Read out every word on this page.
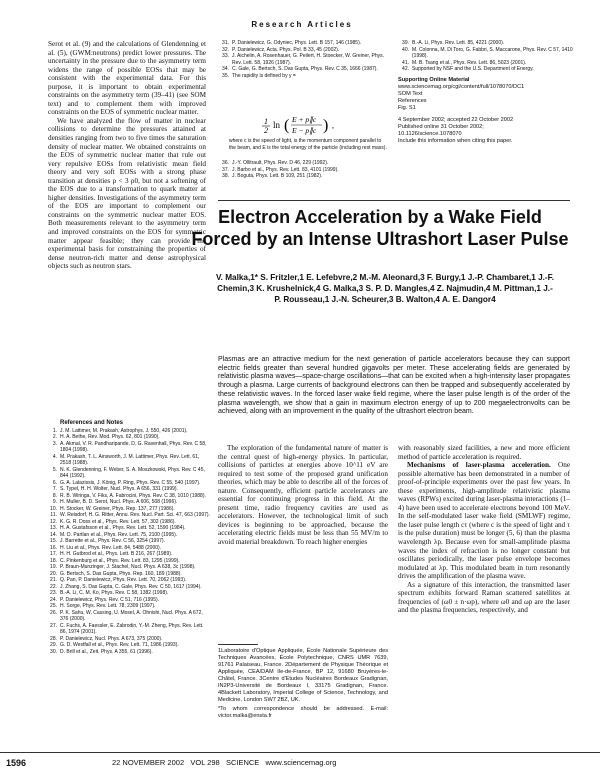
Research Articles

Serot et al. (9) and the calculations of Glendenning et al. (5), (GWM:neutrons) predict lower pressures. The uncertainty in the pressure due to the asymmetry term widens the range of possible EOSs that may be consistent with the experimental data. For this purpose, it is important to obtain experimental constraints on the asymmetry term (39–41) (see SOM text) and to complement them with improved constraints on the EOS of symmetric nuclear matter.

We have analyzed the flow of matter in nuclear collisions to determine the pressures attained at densities ranging from two to five times the saturation density of nuclear matter. We obtained constraints on the EOS of symmetric nuclear matter that rule out very repulsive EOSs from relativistic mean field theory and very soft EOSs with a strong phase transition at densities ρ < 3 ρ0, but not a softening of the EOS due to a transformation to quark matter at higher densities. Investigations of the asymmetry term of the EOS are important to complement our constraints on the symmetric nuclear matter EOS. Both measurements relevant to the asymmetry term and improved constraints on the EOS for symmetric matter appear feasible; they can provide the experimental basis for constraining the properties of dense neutron-rich matter and dense astrophysical objects such as neutron stars.

References and Notes
1. J. M. Lattimer, M. Prakash, Astrophys. J. 550, 426 (2001).
2. H. A. Bethe, Rev. Mod. Phys. 62, 801 (1990).
3. A. Akmal, V. R. Pandharipande, D. G. Ravenhall, Phys. Rev. C 58, 1804 (1998).
4. M. Prakash, T. L. Ainsworth, J. M. Lattimer, Phys. Rev. Lett. 61, 2518 (1988).
5. N. K. Glendenning, F. Weber, S. A. Moszkowski, Phys. Rev. C 45, 844 (1992).
6. G. A. Lalazissis, J. König, P. Ring, Phys. Rev. C 55, 540 (1997).
7. S. Typel, H. H. Wolter, Nucl. Phys. A 656, 331 (1999).
8. R. B. Wiringa, V. Fiks, A. Fabrocini, Phys. Rev. C 38, 1010 (1988).
9. H. Muller, B. D. Serot, Nucl. Phys. A 606, 508 (1996).
10. H. Stocker, W. Greiner, Phys. Rep. 137, 277 (1986).
11. W. Reisdorf, H. G. Ritter, Annu. Rev. Nucl. Part. Sci. 47, 663 (1997).
12. K. G. R. Doss et al., Phys. Rev. Lett. 57, 302 (1986).
13. H. A. Gustafsson et al., Phys. Rev. Lett. 52, 1590 (1984).
14. M. D. Partlan et al., Phys. Rev. Lett. 75, 2100 (1995).
15. J. Barrette et al., Phys. Rev. C 56, 3254 (1997).
16. H. Liu et al., Phys. Rev. Lett. 84, 5488 (2000).
17. H. H. Gutbrod et al., Phys. Lett. B 216, 267 (1989).
18. C. Pinkenburg et al., Phys. Rev. Lett. 83, 1295 (1999).
19. P. Braun-Munzinger, J. Stachel, Nucl. Phys. A 638, 3c (1998).
20. G. Bertsch, S. Das Gupta, Phys. Rep. 160, 189 (1988).
21. Q. Pan, P. Danielewicz, Phys. Rev. Lett. 70, 2062 (1993).
22. J. Zhang, S. Das Gupta, C. Gale, Phys. Rev. C 50, 1617 (1994).
23. B.-A. Li, C. M. Ko, Phys. Rev. C 58, 1382 (1998).
24. P. Danielewicz, Phys. Rev. C 51, 716 (1995).
25. H. Sorge, Phys. Rev. Lett. 78, 2309 (1997).
26. P. K. Sahu, W. Cassing, U. Mosel, A. Ohnishi, Nucl. Phys. A 672, 376 (2000).
27. C. Fuchs, A. Faessler, E. Zabrodin, Y.-M. Zheng, Phys. Rev. Lett. 86, 1974 (2001).
28. P. Danielewicz, Nucl. Phys. A 673, 375 (2000).
29. G. D. Westfall et al., Phys. Rev. Lett. 71, 1986 (1993).
30. D. Brill et al., Zeit. Phys. A 355, 61 (1996).
31. P. Danielewicz, G. Odyniec, Phys. Lett. B 157, 146 (1985).
32. P. Danielewicz, Acta. Phys. Pol. B 33, 45 (2002).
33. J. Aichelin, A. Rosenhauer, G. Peilert, H. Stoecker, W. Greiner, Phys. Rev. Lett. 58, 1926 (1987).
34. C. Gale, G. Bertsch, S. Das Gupta, Phys. Rev. C 35, 1666 (1987).
35. The rapidity is defined by y =
1
2
ln ( E + p∥c
E − p∥c ) ,
where c is the speed of light, is the momentum component parallel to the beam, and E is the total energy of the particle (including rest mass).
36. J.-Y. Ollitrault, Phys. Rev. D 46, 229 (1992).
37. J. Barbo et al., Phys. Rev. Lett. 83, 4101 (1999).
38. J. Boguta, Phys. Lett. B 109, 251 (1982).
39. B.-A. Li, Phys. Rev. Lett. 85, 4221 (2000).
40. M. Colonna, M. Di Toro, G. Fabbri, S. Maccarone, Phys. Rev. C 57, 1410 (1998).
41. M. B. Tsang et al., Phys. Rev. Lett. 86, 5023 (2001).
42. Supported by NSF and the U.S. Department of Energy.
Supporting Online Material
www.sciencemag.org/cgi/content/full/1078070/DC1
SOM Text
References
Fig. S1
4 September 2002; accepted 22 October 2002
Published online 31 October 2002;
10.1126/science.1078070
Include this information when citing this paper.
Electron Acceleration by a Wake Field Forced by an Intense Ultrashort Laser Pulse
V. Malka,1* S. Fritzler,1 E. Lefebvre,2 M.-M. Aleonard,3 F. Burgy,1 J.-P. Chambaret,1 J.-F. Chemin,3 K. Krushelnick,4 G. Malka,3 S. P. D. Mangles,4 Z. Najmudin,4 M. Pittman,1 J.-P. Rousseau,1 J.-N. Scheurer,3 B. Walton,4 A. E. Dangor4
Plasmas are an attractive medium for the next generation of particle accelerators because they can support electric fields greater than several hundred gigavolts per meter. These accelerating fields are generated by relativistic plasma waves—space-charge oscillations—that can be excited when a high-intensity laser propagates through a plasma. Large currents of background electrons can then be trapped and subsequently accelerated by these relativistic waves. In the forced laser wake field regime, where the laser pulse length is of the order of the plasma wavelength, we show that a gain in maximum electron energy of up to 200 megaelectronvolts can be achieved, along with an improvement in the quality of the ultrashort electron beam.

The exploration of the fundamental nature of matter is the central quest of high-energy physics. In particular, collisions of particles at energies above 10^11 eV are required to test some of the proposed grand unification theories, which may be able to describe all of the forces of nature. Consequently, efficient particle accelerators are essential for continuing progress in this field. At the present time, radio frequency cavities are used as accelerators. However, the technological limit of such devices is beginning to be approached, because the accelerating electric fields must be less than 55 MV/m to avoid material breakdown. To reach higher energies

1Laboratoire d'Optique Appliquée, École Nationale Supérieure des Techniques Avancées, École Polytechnique, CNRS UMR 7639, 91761 Palaiseau, France. 2Département de Physique Théorique et Appliquée, CEA/DAM Ile-de-France, BP 12, 91680 Bruyères-le-Châtel, France. 3Centre d'Etudes Nucléaires Bordeaux Gradignan, IN2P3-Université de Bordeaux I, 33175 Gradignan, France. 4Blackett Laboratory, Imperial College of Science, Technology, and Medicine, London SW7 2BZ, UK.
*To whom correspondence should be addressed. E-mail: victor.malka@ensta.fr

with reasonably sized facilities, a new and more efficient method of particle acceleration is required.

Mechanisms of laser-plasma acceleration. One possible alternative has been demonstrated in a number of proof-of-principle experiments over the past few years. In these experiments, high-amplitude relativistic plasma waves (RPWs) excited during laser-plasma interactions (1–4) have been used to accelerate electrons beyond 100 MeV. In the self-modulated laser wake field (SMLWF) regime, the laser pulse length cτ (where c is the speed of light and τ is the pulse duration) must be longer (5, 6) than the plasma wavelength λp. Because even for small-amplitude plasma waves the index of refraction is no longer constant but oscillates periodically, the laser pulse envelope becomes modulated at λp. This modulated beam in turn resonantly drives the amplification of the plasma wave.

As a signature of this interaction, the transmitted laser spectrum exhibits forward Raman scattered satellites at frequencies of (ω0 ± n·ωp), where ω0 and ωp are the laser and the plasma frequencies, respectively, and

1596	22 NOVEMBER 2002   VOL 298   SCIENCE   www.sciencemag.org
